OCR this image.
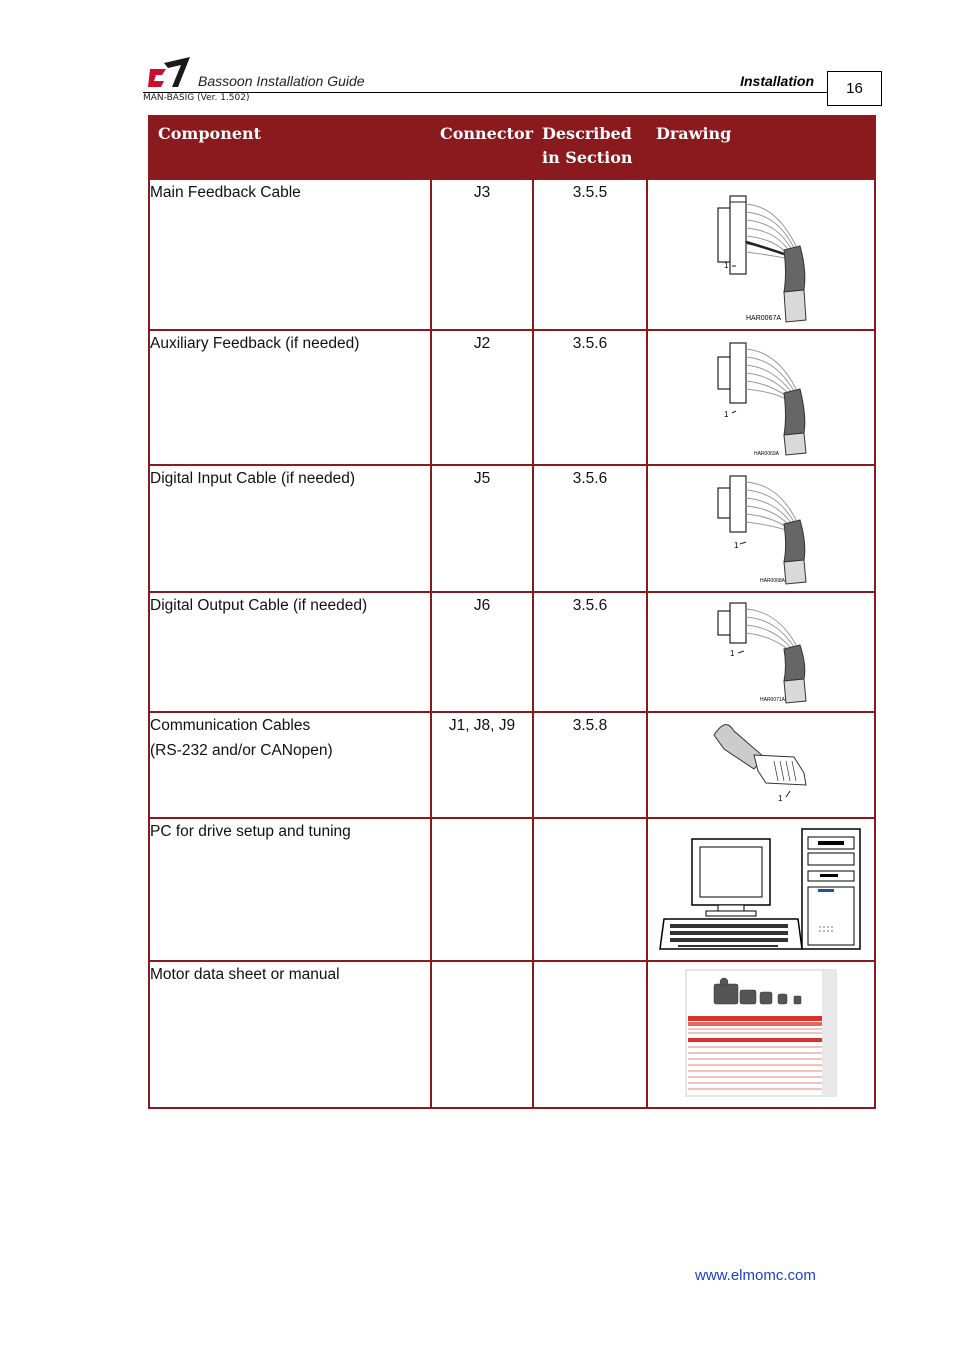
Bassoon Installation Guide	Installation
MAN-BASIG (Ver. 1.502)
16
Component	Connector	Described in Section	Drawing

Main Feedback Cable	J3	3.5.5	1
HAR0067A

Auxiliary Feedback (if needed)	J2	3.5.6	1
HAR0069A

Digital Input Cable (if needed)	J5	3.5.6	1
HAR0068A

Digital Output Cable (if needed)	J6	3.5.6	1
HAR0071A

Communication Cables
(RS-232 and/or CANopen)	J1, J8, J9	3.5.8	1

PC for drive setup and tuning

Motor data sheet or manual

www.elmomc.com
